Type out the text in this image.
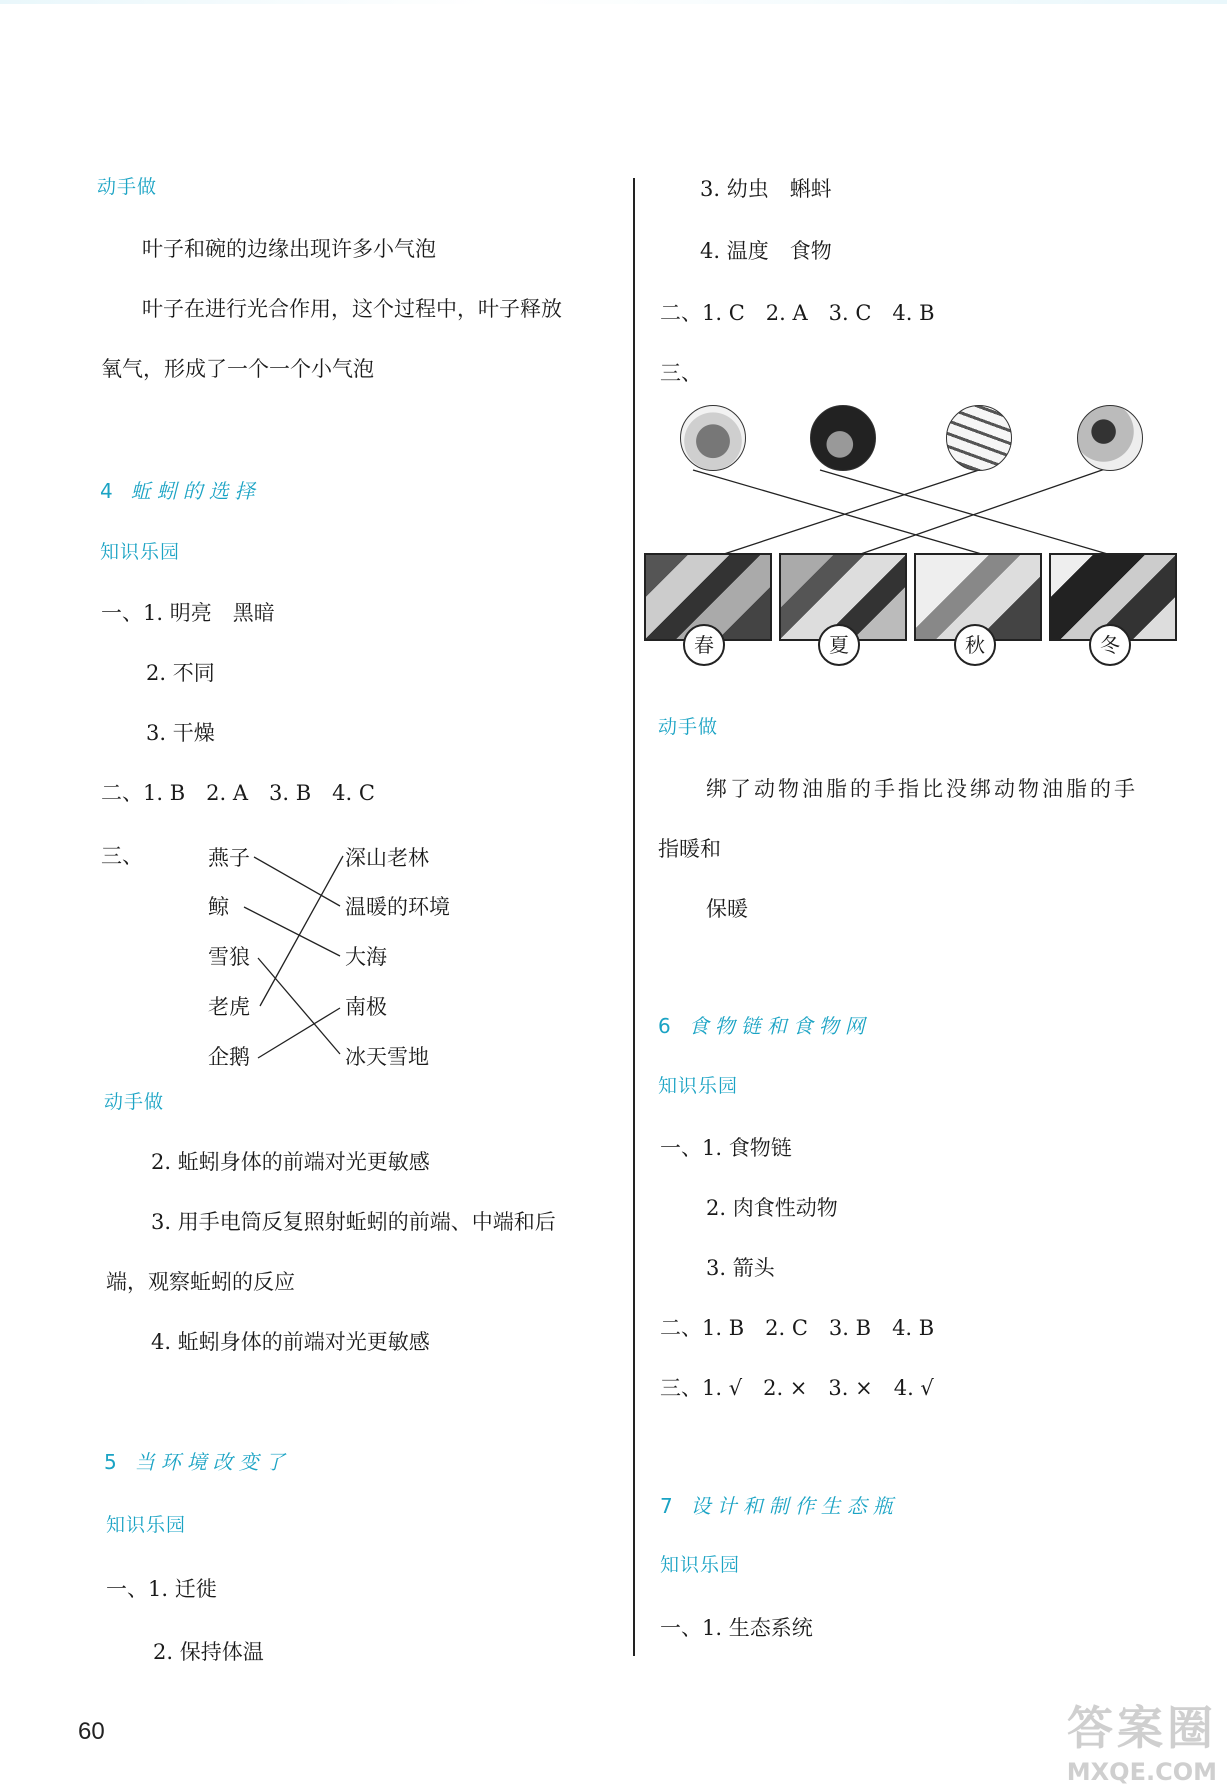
动手做
叶子和碗的边缘出现许多小气泡
叶子在进行光合作用，这个过程中，叶子释放
氧气，形成了一个一个小气泡
4 蚯蚓的选择
知识乐园
一、1. 明亮　黑暗
2. 不同
3. 干燥
二、1. B　2. A　3. B　4. C
三、	燕子
鲸
雪狼
老虎
企鹅
深山老林
温暖的环境
大海
南极
冰天雪地
动手做
2. 蚯蚓身体的前端对光更敏感
3. 用手电筒反复照射蚯蚓的前端、中端和后
端，观察蚯蚓的反应
4. 蚯蚓身体的前端对光更敏感
5 当环境改变了
知识乐园
一、1. 迁徙
2. 保持体温
3. 幼虫　蝌蚪
4. 温度　食物
二、1. C　2. A　3. C　4. B
三、
春	夏	秋	冬
动手做
绑了动物油脂的手指比没绑动物油脂的手
指暖和
保暖
6 食物链和食物网
知识乐园
一、1. 食物链
2. 肉食性动物
3. 箭头
二、1. B　2. C　3. B　4. B
三、1. √　2. ×　3. ×　4. √
7 设计和制作生态瓶
知识乐园
一、1. 生态系统
60	答案圈
MXQE.COM
